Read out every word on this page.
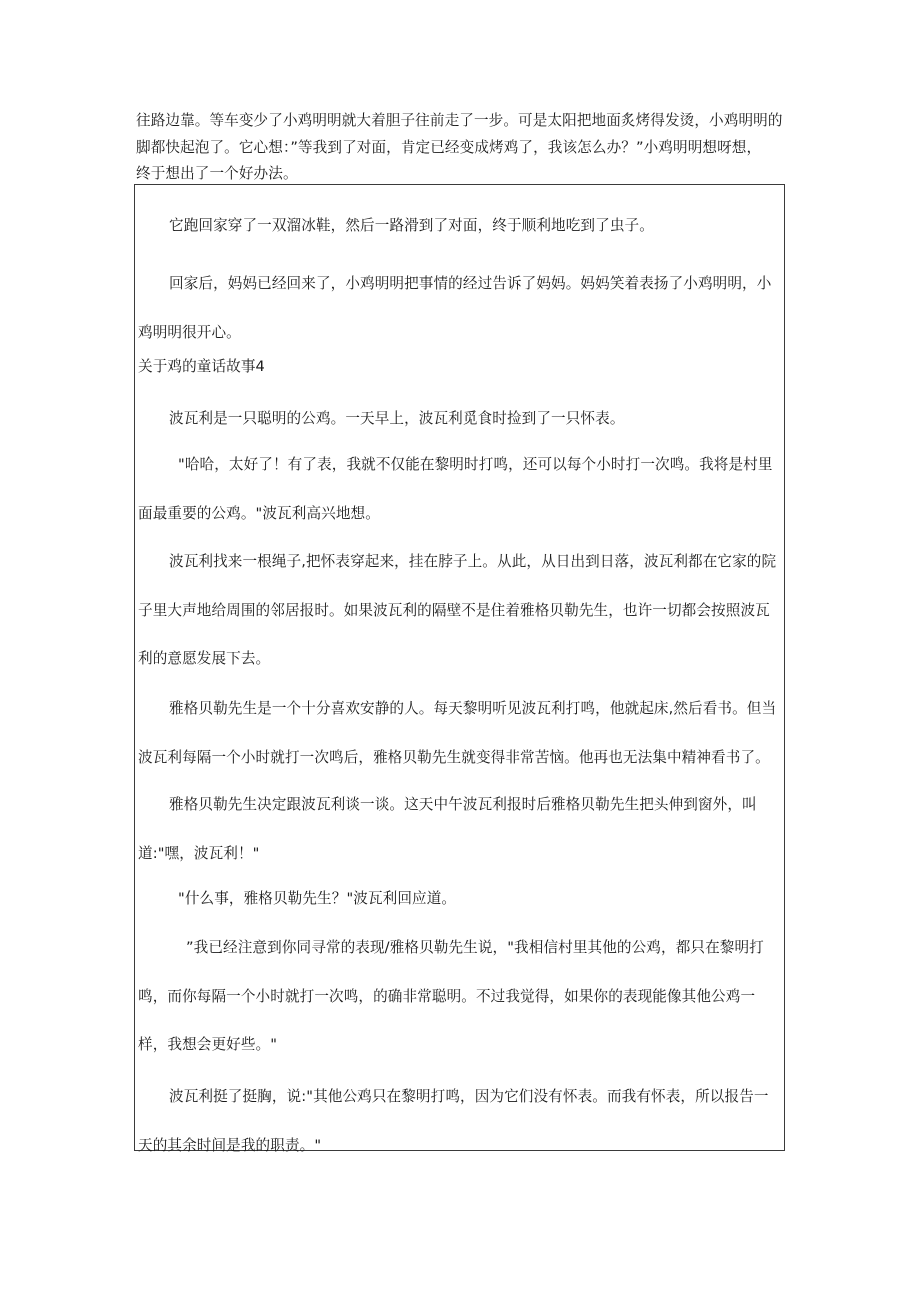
往路边靠。等车变少了小鸡明明就大着胆子往前走了一步。可是太阳把地面炙烤得发烫，小鸡明明的

脚都快起泡了。它心想：”等我到了对面，肯定已经变成烤鸡了，我该怎么办？”小鸡明明想呀想，

终于想出了一个好办法。

它跑回家穿了一双溜冰鞋，然后一路滑到了对面，终于顺利地吃到了虫子。

回家后，妈妈已经回来了，小鸡明明把事情的经过告诉了妈妈。妈妈笑着表扬了小鸡明明，小鸡明明很开心。

关于鸡的童话故事4

波瓦利是一只聪明的公鸡。一天早上，波瓦利觅食时捡到了一只怀表。

"哈哈，太好了！有了表，我就不仅能在黎明时打鸣，还可以每个小时打一次鸣。我将是村里面最重要的公鸡。"波瓦利高兴地想。

波瓦利找来一根绳子,把怀表穿起来，挂在脖子上。从此，从日出到日落，波瓦利都在它家的院子里大声地给周围的邻居报时。如果波瓦利的隔壁不是住着雅格贝勒先生，也许一切都会按照波瓦利的意愿发展下去。

雅格贝勒先生是一个十分喜欢安静的人。每天黎明听见波瓦利打鸣，他就起床,然后看书。但当波瓦利每隔一个小时就打一次鸣后，雅格贝勒先生就变得非常苦恼。他再也无法集中精神看书了。

雅格贝勒先生决定跟波瓦利谈一谈。这天中午波瓦利报时后雅格贝勒先生把头伸到窗外，叫道:"嘿，波瓦利！"

"什么事，雅格贝勒先生？"波瓦利回应道。

”我已经注意到你同寻常的表现/雅格贝勒先生说，"我相信村里其他的公鸡，都只在黎明打鸣，而你每隔一个小时就打一次鸣，的确非常聪明。不过我觉得，如果你的表现能像其他公鸡一样，我想会更好些。"

波瓦利挺了挺胸，说:"其他公鸡只在黎明打鸣，因为它们没有怀表。而我有怀表，所以报告一天的其余时间是我的职责。"
